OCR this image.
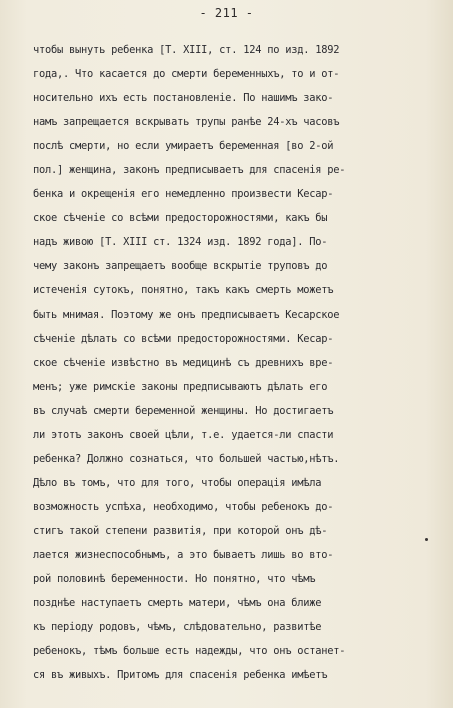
- 211 -
чтобы вынуть ребенка [Т. XIII, ст. 124 по изд. 1892
года,. Что касается до смерти беременныхъ, то и от-
носительно ихъ есть постановленіе. По нашимъ зако-
намъ запрещается вскрывать трупы ранѣе 24-хъ часовъ
послѣ смерти, но если умираетъ беременная [во 2-ой
пол.] женщина, законъ предписываетъ для спасенія ре-
бенка и окрещенія его немедленно произвести Кесар-
ское сѣченіе со всѣми предосторожностями, какъ бы
надъ живою [Т. XIII ст. 1324 изд. 1892 года]. По-
чему законъ запрещаетъ вообще вскрытіе труповъ до
истеченія сутокъ, понятно, такъ какъ смерть можетъ
быть мнимая. Поэтому же онъ предписываетъ Кесарское
сѣченіе дѣлать со всѣми предосторожностями. Кесар-
ское сѣченіе извѣстно въ медицинѣ съ древнихъ вре-
менъ; уже римскіе законы предписываютъ дѣлать его
въ случаѣ смерти беременной женщины. Но достигаетъ
ли этотъ законъ своей цѣли, т.е. удается-ли спасти
ребенка? Должно сознаться, что большей частью,нѣтъ.
Дѣло въ томъ, что для того, чтобы операція имѣла
возможность успѣха, необходимо, чтобы ребенокъ до-
стигъ такой степени развитія, при которой онъ дѣ-
лается жизнеспособнымъ, а это бываетъ лишь во вто-
рой половинѣ беременности. Но понятно, что чѣмъ
позднѣе наступаетъ смерть матери, чѣмъ она ближе
къ періоду родовъ, чѣмъ, слѣдовательно, развитѣе
ребенокъ, тѣмъ больше есть надежды, что онъ останет-
ся въ живыхъ. Притомъ для спасенія ребенка имѣетъ
